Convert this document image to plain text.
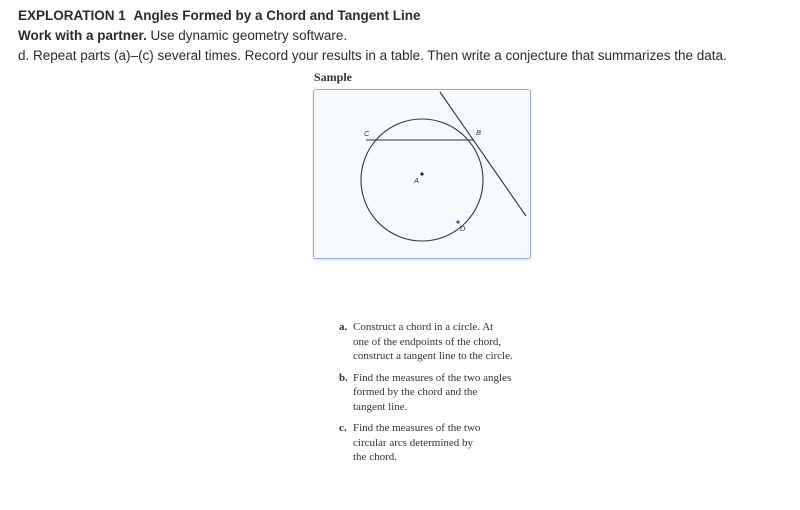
EXPLORATION 1 Angles Formed by a Chord and Tangent Line
Work with a partner. Use dynamic geometry software.
d. Repeat parts (a)–(c) several times. Record your results in a table. Then write a conjecture that summarizes the data.
Sample
C	B
A
D
a. Construct a chord in a circle. At
one of the endpoints of the chord,
construct a tangent line to the circle.
b. Find the measures of the two angles
formed by the chord and the
tangent line.
c. Find the measures of the two
circular arcs determined by
the chord.
